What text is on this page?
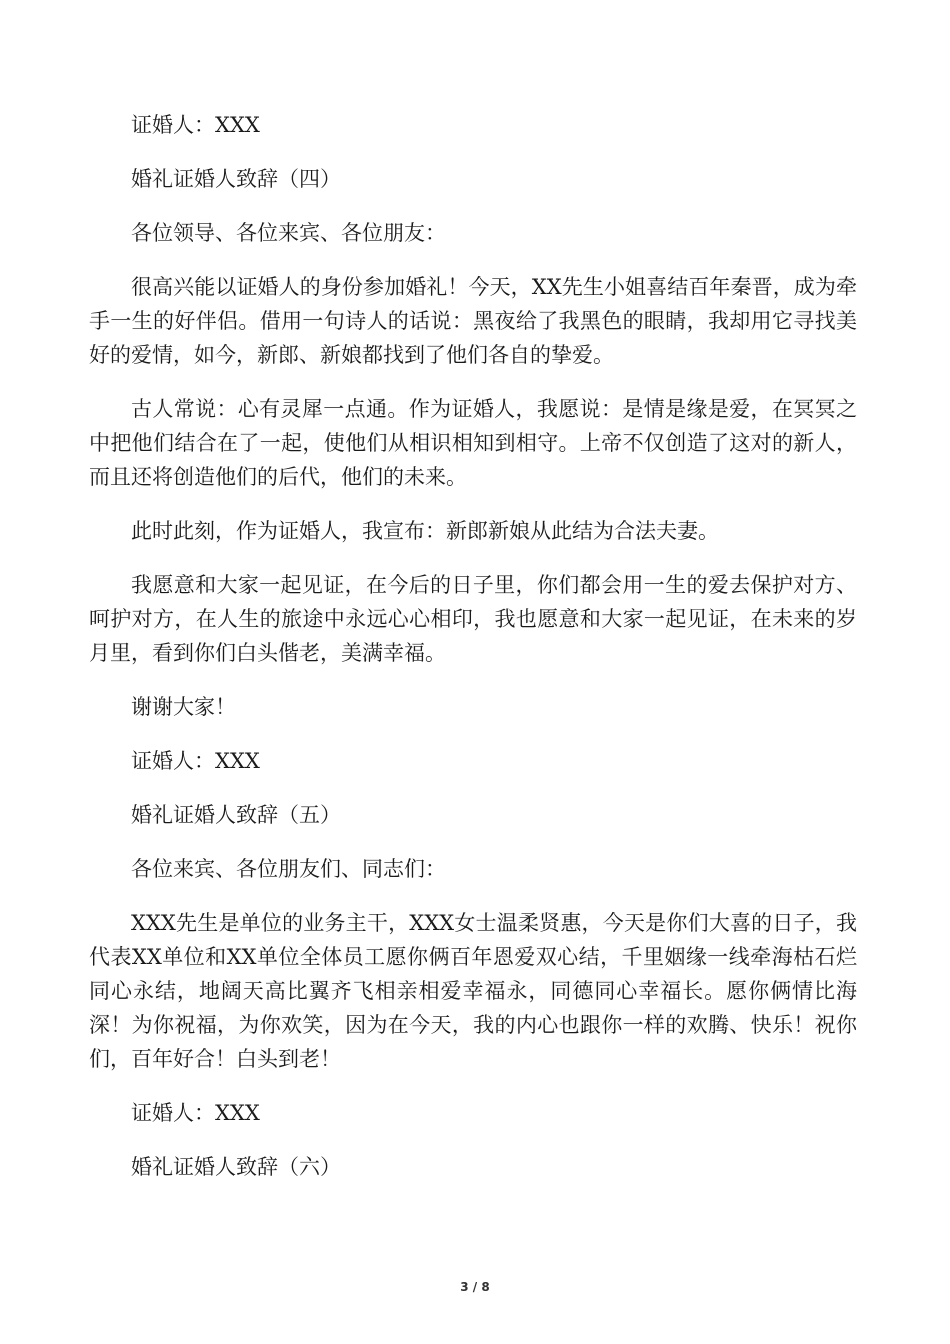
证婚人：XXX

婚礼证婚人致辞（四）

各位领导、各位来宾、各位朋友：

很高兴能以证婚人的身份参加婚礼！今天，XX先生小姐喜结百年秦晋，成为牵手一生的好伴侣。借用一句诗人的话说：黑夜给了我黑色的眼睛，我却用它寻找美好的爱情，如今，新郎、新娘都找到了他们各自的挚爱。

古人常说：心有灵犀一点通。作为证婚人，我愿说：是情是缘是爱，在冥冥之中把他们结合在了一起，使他们从相识相知到相守。上帝不仅创造了这对的新人，而且还将创造他们的后代，他们的未来。

此时此刻，作为证婚人，我宣布：新郎新娘从此结为合法夫妻。

我愿意和大家一起见证，在今后的日子里，你们都会用一生的爱去保护对方、呵护对方，在人生的旅途中永远心心相印，我也愿意和大家一起见证，在未来的岁月里，看到你们白头偕老，美满幸福。

谢谢大家！

证婚人：XXX

婚礼证婚人致辞（五）

各位来宾、各位朋友们、同志们：

XXX先生是单位的业务主干，XXX女士温柔贤惠，今天是你们大喜的日子，我代表XX单位和XX单位全体员工愿你俩百年恩爱双心结，千里姻缘一线牵海枯石烂同心永结，地阔天高比翼齐飞相亲相爱幸福永，同德同心幸福长。愿你俩情比海深！为你祝福，为你欢笑，因为在今天，我的内心也跟你一样的欢腾、快乐！祝你们，百年好合！白头到老！

证婚人：XXX

婚礼证婚人致辞（六）

3 / 8
